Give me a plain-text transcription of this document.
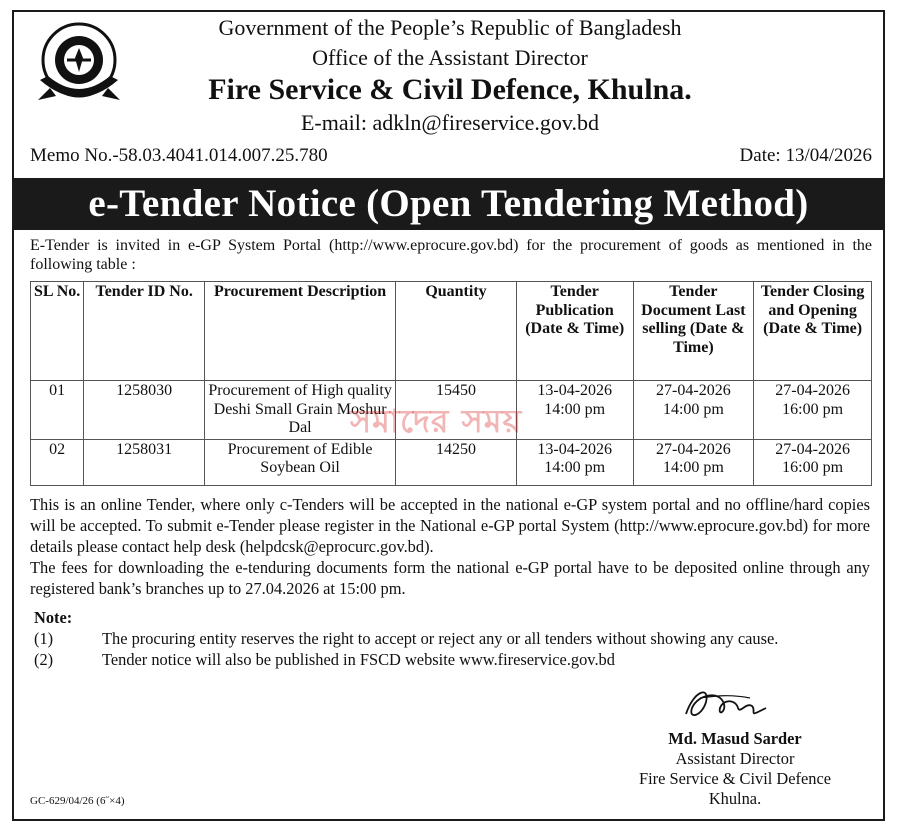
Government of the People’s Republic of Bangladesh
Office of the Assistant Director
Fire Service & Civil Defence, Khulna.
E-mail: adkln@fireservice.gov.bd
Memo No.-58.03.4041.014.007.25.780	Date: 13/04/2026
e-Tender Notice (Open Tendering Method)
E-Tender is invited in e-GP System Portal (http://www.eprocure.gov.bd) for the procurement of goods as mentioned in the following table :
SL No.	Tender ID No.	Procurement Description	Quantity	Tender Publication (Date & Time)	Tender Document Last selling (Date & Time)	Tender Closing and Opening (Date & Time)
01	1258030	Procurement of High quality Deshi Small Grain Moshur Dal	15450	13-04-2026 14:00 pm	27-04-2026 14:00 pm	27-04-2026 16:00 pm
02	1258031	Procurement of Edible Soybean Oil	14250	13-04-2026 14:00 pm	27-04-2026 14:00 pm	27-04-2026 16:00 pm
সমাদের সময়
This is an online Tender, where only c-Tenders will be accepted in the national e-GP system portal and no offline/hard copies will be accepted. To submit e-Tender please register in the National e-GP portal System (http://www.eprocure.gov.bd) for more details please contact help desk (helpdcsk@eprocurc.gov.bd).
The fees for downloading the e-tenduring documents form the national e-GP portal have to be deposited online through any registered bank’s branches up to 27.04.2026 at 15:00 pm.
Note:
(1)	The procuring entity reserves the right to accept or reject any or all tenders without showing any cause.
(2)	Tender notice will also be published in FSCD website www.fireservice.gov.bd
Md. Masud Sarder
Assistant Director
Fire Service & Civil Defence
Khulna.
GC-629/04/26 (6˝×4)
